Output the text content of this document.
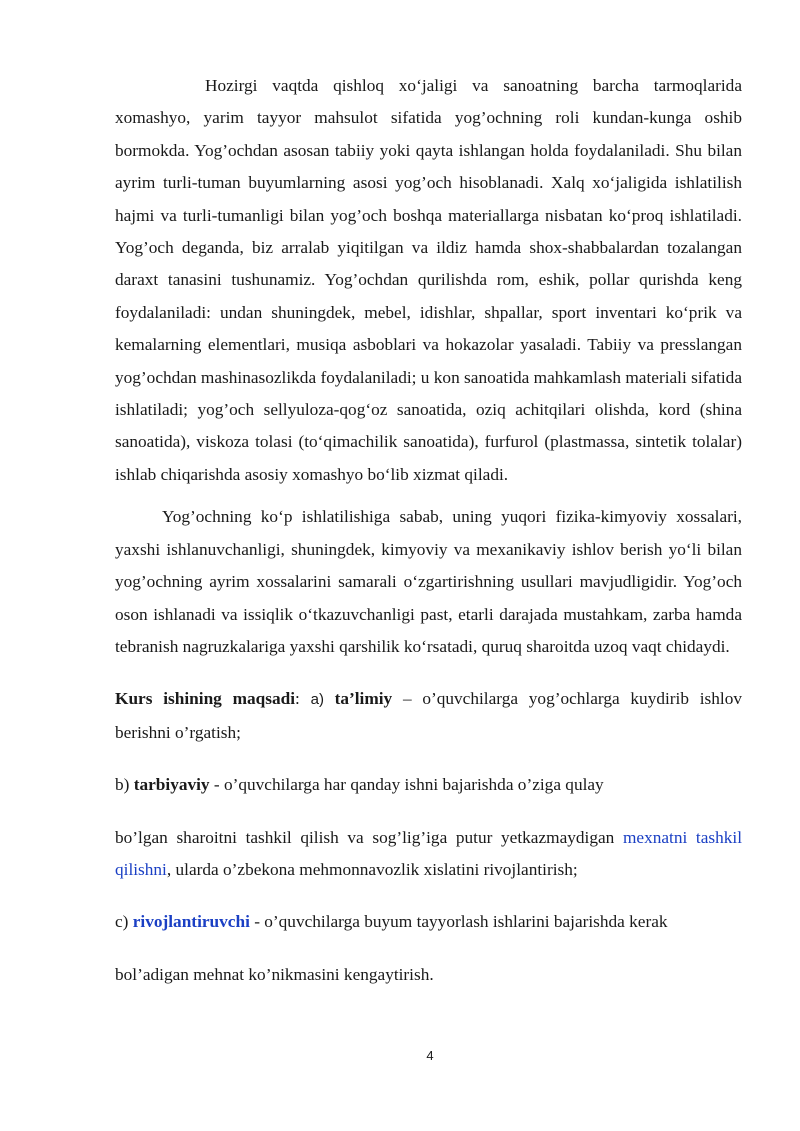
Hozirgi vaqtda qishloq xo‘jaligi va sanoatning barcha tarmoqlarida xomashyo, yarim tayyor mahsulot sifatida yog’ochning roli kundan-kunga oshib bormokda. Yog’ochdan asosan tabiiy yoki qayta ishlangan holda foydalaniladi. Shu bilan ayrim turli-tuman buyumlarning asosi yog’och hisoblanadi. Xalq xo‘jaligida ishlatilish hajmi va turli-tumanligi bilan yog’och boshqa materiallarga nisbatan ko‘proq ishlatiladi. Yog’och deganda, biz arralab yiqitilgan va ildiz hamda shox-shabbalardan tozalangan daraxt tanasini tushunamiz. Yog’ochdan qurilishda rom, eshik, pollar qurishda keng foydalaniladi: undan shuningdek, mebel, idishlar, shpallar, sport inventari ko‘prik va kemalarning elementlari, musiqa asboblari va hokazolar yasaladi. Tabiiy va presslangan yog’ochdan mashinasozlikda foydalaniladi; u kon sanoatida mahkamlash materiali sifatida ishlatiladi; yog’och sellyuloza-qog‘oz sanoatida, oziq achitqilari olishda, kord (shina sanoatida), viskoza tolasi (to‘qimachilik sanoatida), furfurol (plastmassa, sintetik tolalar) ishlab chiqarishda asosiy xomashyo bo‘lib xizmat qiladi.

Yog’ochning ko‘p ishlatilishiga sabab, uning yuqori fizika-kimyoviy xossalari, yaxshi ishlanuvchanligi, shuningdek, kimyoviy va mexanikaviy ishlov berish yo‘li bilan yog’ochning ayrim xossalarini samarali o‘zgartirishning usullari mavjudligidir. Yog’och oson ishlanadi va issiqlik o‘tkazuvchanligi past, etarli darajada mustahkam, zarba hamda tebranish nagruzkalariga yaxshi qarshilik ko‘rsatadi, quruq sharoitda uzoq vaqt chidaydi.

Kurs ishining maqsadi: a) ta’limiy – o’quvchilarga yog’ochlarga kuydirib ishlov berishni o’rgatish;

b) tarbiyaviy - o’quvchilarga har qanday ishni bajarishda o’ziga qulay

bo’lgan sharoitni tashkil qilish va sog’lig’iga putur yetkazmaydigan mexnatni tashkil qilishni, ularda o’zbekona mehmonnavozlik xislatini rivojlantirish;

c) rivojlantiruvchi - o’quvchilarga buyum tayyorlash ishlarini bajarishda kerak

bol’adigan mehnat ko’nikmasini kengaytirish.

4
